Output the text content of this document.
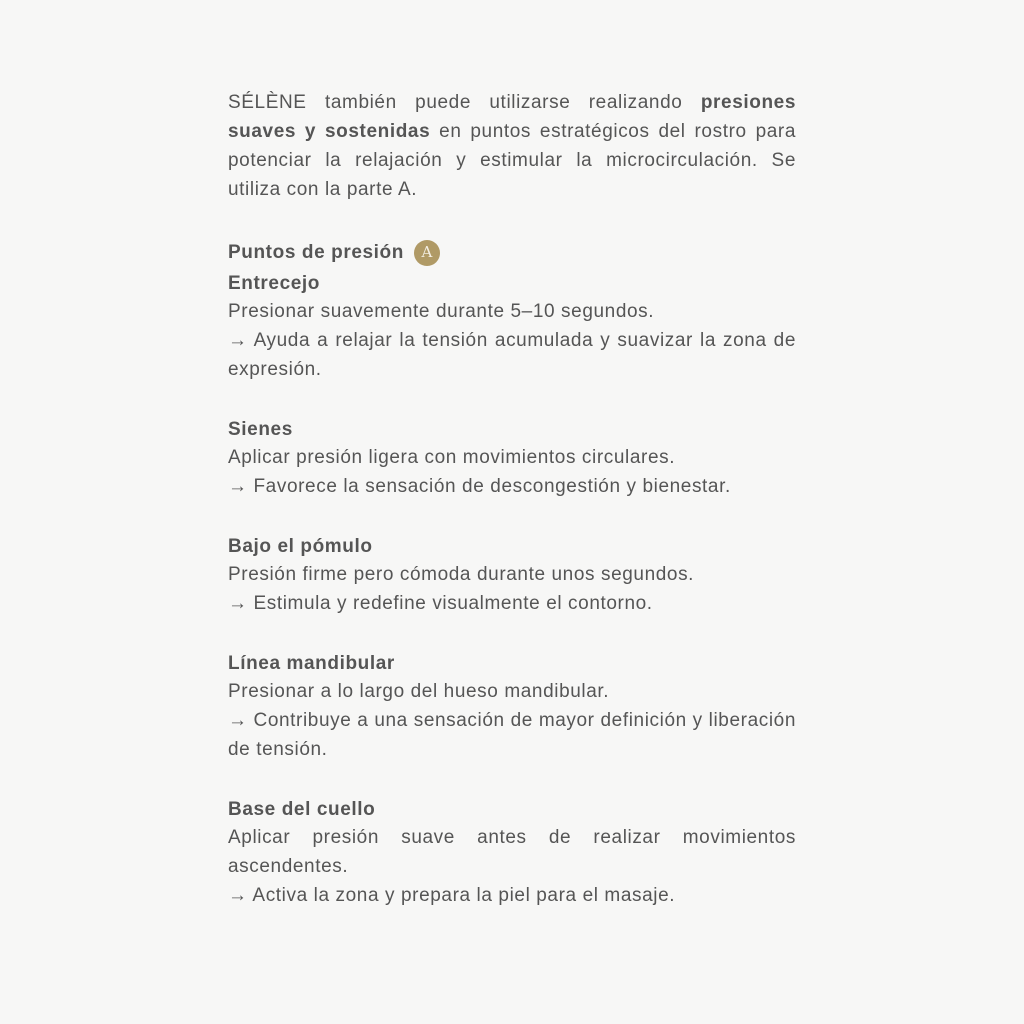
SÉLÈNE también puede utilizarse realizando presiones suaves y sostenidas en puntos estratégicos del rostro para potenciar la relajación y estimular la microcirculación. Se utiliza con la parte A.

Puntos de presión	A
Entrecejo

Presionar suavemente durante 5–10 segundos.

→ Ayuda a relajar la tensión acumulada y suavizar la zona de expresión.

Sienes

Aplicar presión ligera con movimientos circulares.

→ Favorece la sensación de descongestión y bienestar.

Bajo el pómulo

Presión firme pero cómoda durante unos segundos.

→ Estimula y redefine visualmente el contorno.

Línea mandibular

Presionar a lo largo del hueso mandibular.

→ Contribuye a una sensación de mayor definición y liberación de tensión.

Base del cuello

Aplicar presión suave antes de realizar movimientos ascendentes.

→ Activa la zona y prepara la piel para el masaje.
